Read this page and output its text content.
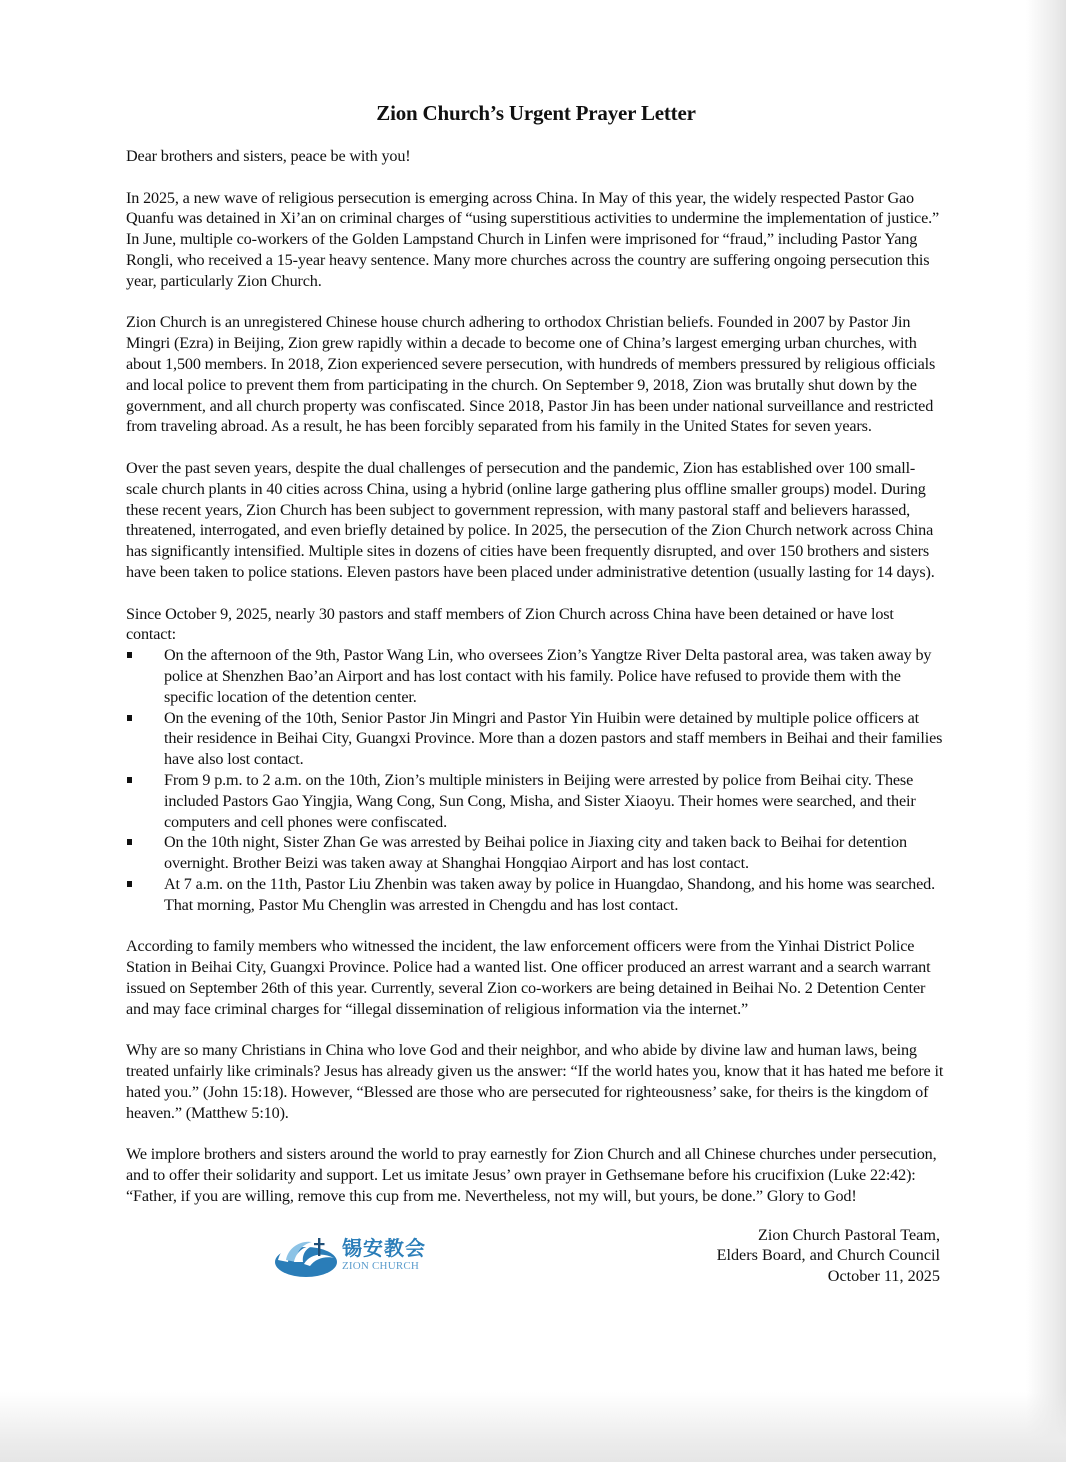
Zion Church’s Urgent Prayer Letter

Dear brothers and sisters, peace be with you!

In 2025, a new wave of religious persecution is emerging across China. In May of this year, the widely respected Pastor Gao Quanfu was detained in Xi’an on criminal charges of “using superstitious activities to undermine the implementation of justice.” In June, multiple co-workers of the Golden Lampstand Church in Linfen were imprisoned for “fraud,” including Pastor Yang Rongli, who received a 15-year heavy sentence. Many more churches across the country are suffering ongoing persecution this year, particularly Zion Church.

Zion Church is an unregistered Chinese house church adhering to orthodox Christian beliefs. Founded in 2007 by Pastor Jin Mingri (Ezra) in Beijing, Zion grew rapidly within a decade to become one of China’s largest emerging urban churches, with about 1,500 members. In 2018, Zion experienced severe persecution, with hundreds of members pressured by religious officials and local police to prevent them from participating in the church. On September 9, 2018, Zion was brutally shut down by the government, and all church property was confiscated. Since 2018, Pastor Jin has been under national surveillance and restricted from traveling abroad. As a result, he has been forcibly separated from his family in the United States for seven years.

Over the past seven years, despite the dual challenges of persecution and the pandemic, Zion has established over 100 small-scale church plants in 40 cities across China, using a hybrid (online large gathering plus offline smaller groups) model. During these recent years, Zion Church has been subject to government repression, with many pastoral staff and believers harassed, threatened, interrogated, and even briefly detained by police. In 2025, the persecution of the Zion Church network across China has significantly intensified. Multiple sites in dozens of cities have been frequently disrupted, and over 150 brothers and sisters have been taken to police stations. Eleven pastors have been placed under administrative detention (usually lasting for 14 days).

Since October 9, 2025, nearly 30 pastors and staff members of Zion Church across China have been detained or have lost contact:

On the afternoon of the 9th, Pastor Wang Lin, who oversees Zion’s Yangtze River Delta pastoral area, was taken away by police at Shenzhen Bao’an Airport and has lost contact with his family. Police have refused to provide them with the specific location of the detention center.
On the evening of the 10th, Senior Pastor Jin Mingri and Pastor Yin Huibin were detained by multiple police officers at their residence in Beihai City, Guangxi Province. More than a dozen pastors and staff members in Beihai and their families have also lost contact.
From 9 p.m. to 2 a.m. on the 10th, Zion’s multiple ministers in Beijing were arrested by police from Beihai city. These included Pastors Gao Yingjia, Wang Cong, Sun Cong, Misha, and Sister Xiaoyu. Their homes were searched, and their computers and cell phones were confiscated.
On the 10th night, Sister Zhan Ge was arrested by Beihai police in Jiaxing city and taken back to Beihai for detention overnight. Brother Beizi was taken away at Shanghai Hongqiao Airport and has lost contact.
At 7 a.m. on the 11th, Pastor Liu Zhenbin was taken away by police in Huangdao, Shandong, and his home was searched. That morning, Pastor Mu Chenglin was arrested in Chengdu and has lost contact.

According to family members who witnessed the incident, the law enforcement officers were from the Yinhai District Police Station in Beihai City, Guangxi Province. Police had a wanted list. One officer produced an arrest warrant and a search warrant issued on September 26th of this year. Currently, several Zion co-workers are being detained in Beihai No. 2 Detention Center and may face criminal charges for “illegal dissemination of religious information via the internet.”

Why are so many Christians in China who love God and their neighbor, and who abide by divine law and human laws, being treated unfairly like criminals? Jesus has already given us the answer: “If the world hates you, know that it has hated me before it hated you.” (John 15:18). However, “Blessed are those who are persecuted for righteousness’ sake, for theirs is the kingdom of heaven.” (Matthew 5:10).

We implore brothers and sisters around the world to pray earnestly for Zion Church and all Chinese churches under persecution, and to offer their solidarity and support. Let us imitate Jesus’ own prayer in Gethsemane before his crucifixion (Luke 22:42): “Father, if you are willing, remove this cup from me. Nevertheless, not my will, but yours, be done.” Glory to God!

锡安教会
ZION CHURCH
Zion Church Pastoral Team,
Elders Board, and Church Council
October 11, 2025
